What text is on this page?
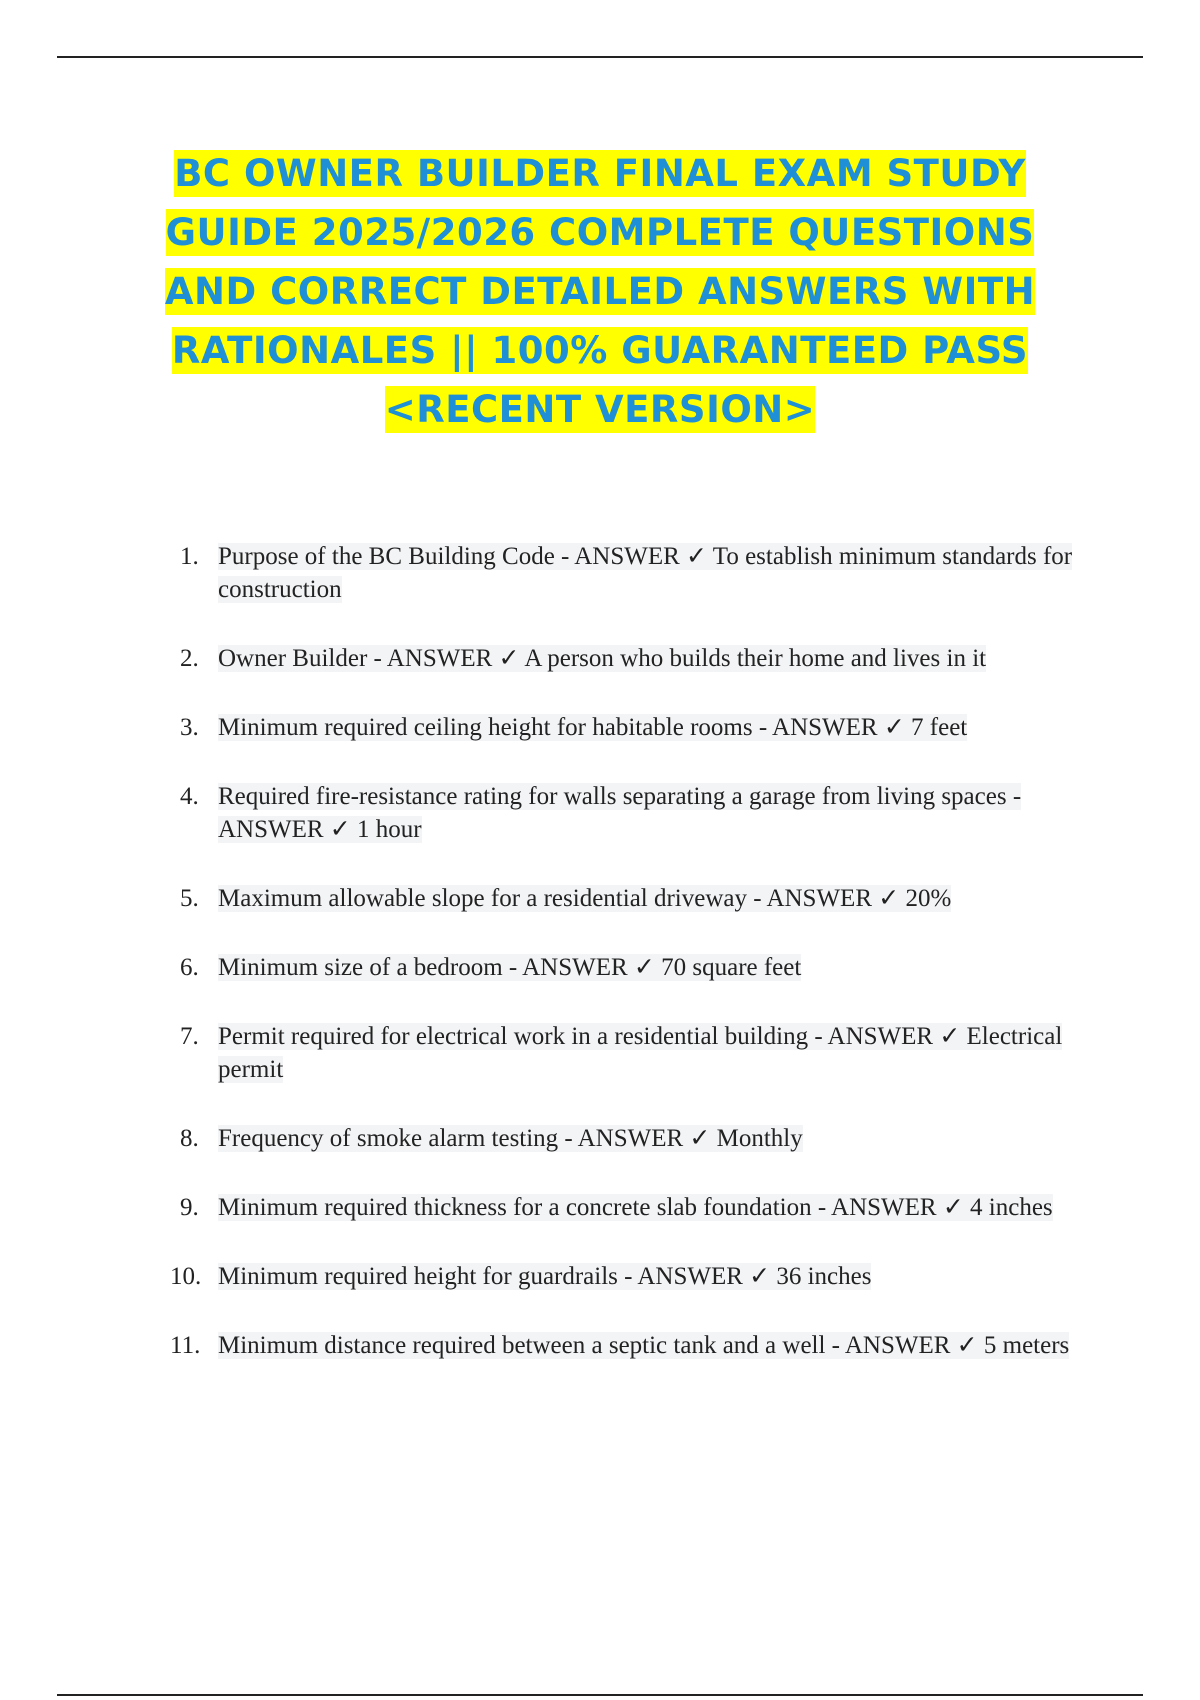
BC OWNER BUILDER FINAL EXAM STUDY GUIDE 2025/2026 COMPLETE QUESTIONS AND CORRECT DETAILED ANSWERS WITH RATIONALES || 100% GUARANTEED PASS <RECENT VERSION>
1. Purpose of the BC Building Code - ANSWER ✓ To establish minimum standards for construction
2. Owner Builder - ANSWER ✓ A person who builds their home and lives in it
3. Minimum required ceiling height for habitable rooms - ANSWER ✓ 7 feet
4. Required fire-resistance rating for walls separating a garage from living spaces - ANSWER ✓ 1 hour
5. Maximum allowable slope for a residential driveway - ANSWER ✓ 20%
6. Minimum size of a bedroom - ANSWER ✓ 70 square feet
7. Permit required for electrical work in a residential building - ANSWER ✓ Electrical permit
8. Frequency of smoke alarm testing - ANSWER ✓ Monthly
9. Minimum required thickness for a concrete slab foundation - ANSWER ✓ 4 inches
10. Minimum required height for guardrails - ANSWER ✓ 36 inches
11. Minimum distance required between a septic tank and a well - ANSWER ✓ 5 meters
